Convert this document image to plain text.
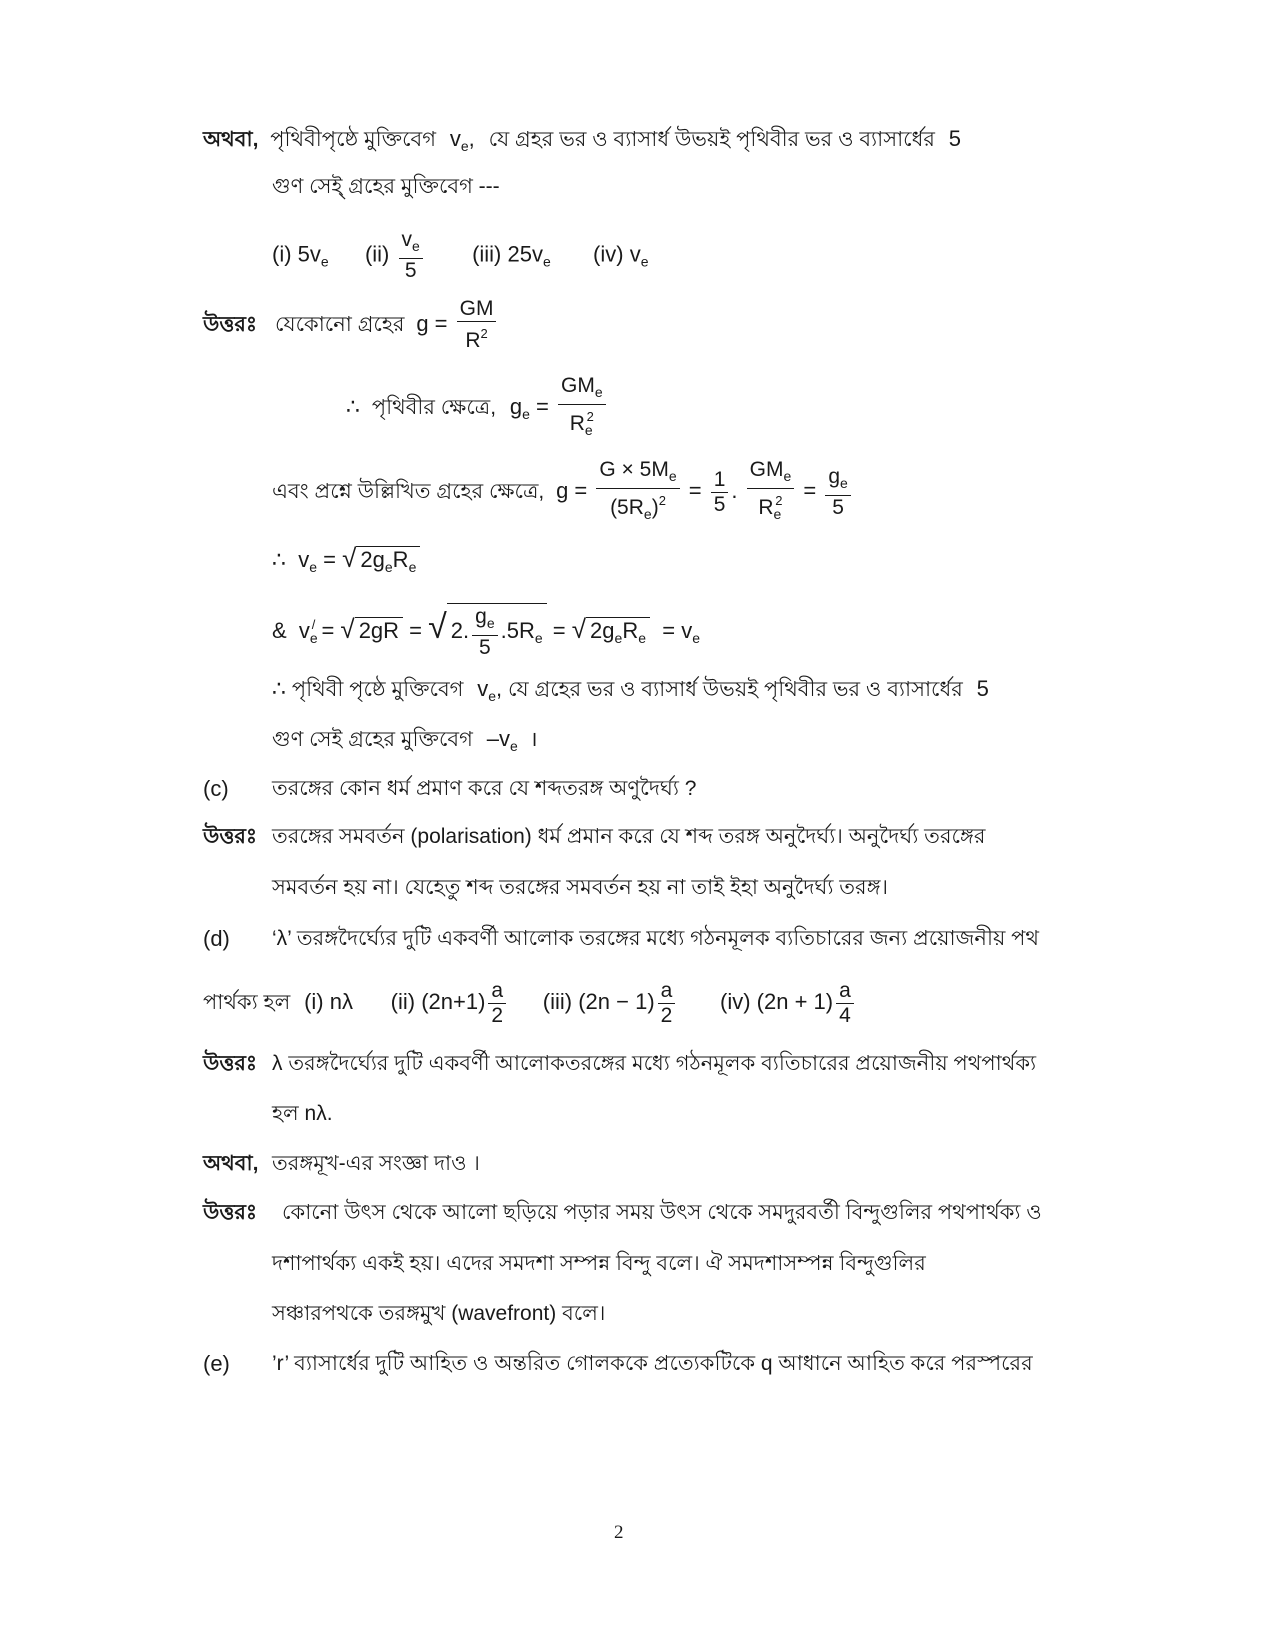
অথবা, পৃথিবীপৃষ্ঠে মুক্তিবেগ $v_e$, যে গ্রহর ভর ও ব্যাসার্ধ উভয়ই পৃথিবীর ভর ও ব্যাসার্ধের 5
গুণ সেই্ গ্রহের মুক্তিবেগ ---
(i) $5v_e$ $(ii) \frac{v_e}{5} (iii)$ $25v_e$ (iv) $v_e$
উত্তরঃ যেকোনো গ্রহের $g = \frac{GM}{R^2}$
∴ পৃথিবীর ক্ষেত্রে, $g_e = \frac{GM_e}{R_e^2}$
এবং প্রশ্নে উল্লিখিত গ্রহের ক্ষেত্রে, $g = \frac{G \times 5M_e}{(5R_e)^2} = \frac{1}{5}$ . $\frac{GM_e}{R_e^2} = \frac{g_e}{5}$
∴  $v_e$ = √ $2g_eR_e$
&  $v_e^/$ = √ 2gR = √ 2. $\frac{g_e}{5} .5R_e$ = √ $2g_eR_e = v_e$
∴ পৃথিবী পৃষ্ঠে মুক্তিবেগ $v_e$, যে গ্রহের ভর ও ব্যাসার্ধ উভয়ই পৃথিবীর ভর ও ব্যাসার্ধের 5
গুণ সেই গ্রহের মুক্তিবেগ $-v_e$ ।
(c) তরঙ্গের কোন ধর্ম প্রমাণ করে যে শব্দতরঙ্গ অণুদৈর্ঘ্য ?
উত্তরঃ তরঙ্গের সমবর্তন (polarisation) ধর্ম প্রমান করে যে শব্দ তরঙ্গ অনুদৈর্ঘ্য। অনুদৈর্ঘ্য তরঙ্গের
সমবর্তন হয় না। যেহেতু শব্দ তরঙ্গের সমবর্তন হয় না তাই ইহা অনুদৈর্ঘ্য তরঙ্গ।
(d) ‘λ’ তরঙ্গদৈর্ঘ্যের দুটি একবর্ণী আলোক তরঙ্গের মধ্যে গঠনমূলক ব্যতিচারের জন্য প্রয়োজনীয় পথ
পার্থক্য হল (i) nλ (ii) $(2n+1) \frac{a}{2} (iii) (2n - 1) \frac{a}{2} (iv) (2n + 1) \frac{a}{4}$
উত্তরঃ λ তরঙ্গদৈর্ঘ্যের দুটি একবর্ণী আলোকতরঙ্গের মধ্যে গঠনমূলক ব্যতিচারের প্রয়োজনীয় পথপার্থক্য
হল nλ.
অথবা, তরঙ্গমূখ-এর সংজ্ঞা দাও ।
উত্তরঃ কোনো উৎস থেকে আলো ছড়িয়ে পড়ার সময় উৎস থেকে সমদুরবর্তী বিন্দুগুলির পথপার্থক্য ও
দশাপার্থক্য একই হয়। এদের সমদশা সম্পন্ন বিন্দু বলে। ঐ সমদশাসম্পন্ন বিন্দুগুলির
সঞ্চারপথকে তরঙ্গমুখ (wavefront) বলে।
(e) ’r’ ব্যাসার্ধের দুটি আহিত ও অন্তরিত গোলককে প্রত্যেকটিকে q আধানে আহিত করে পরস্পরের
2
